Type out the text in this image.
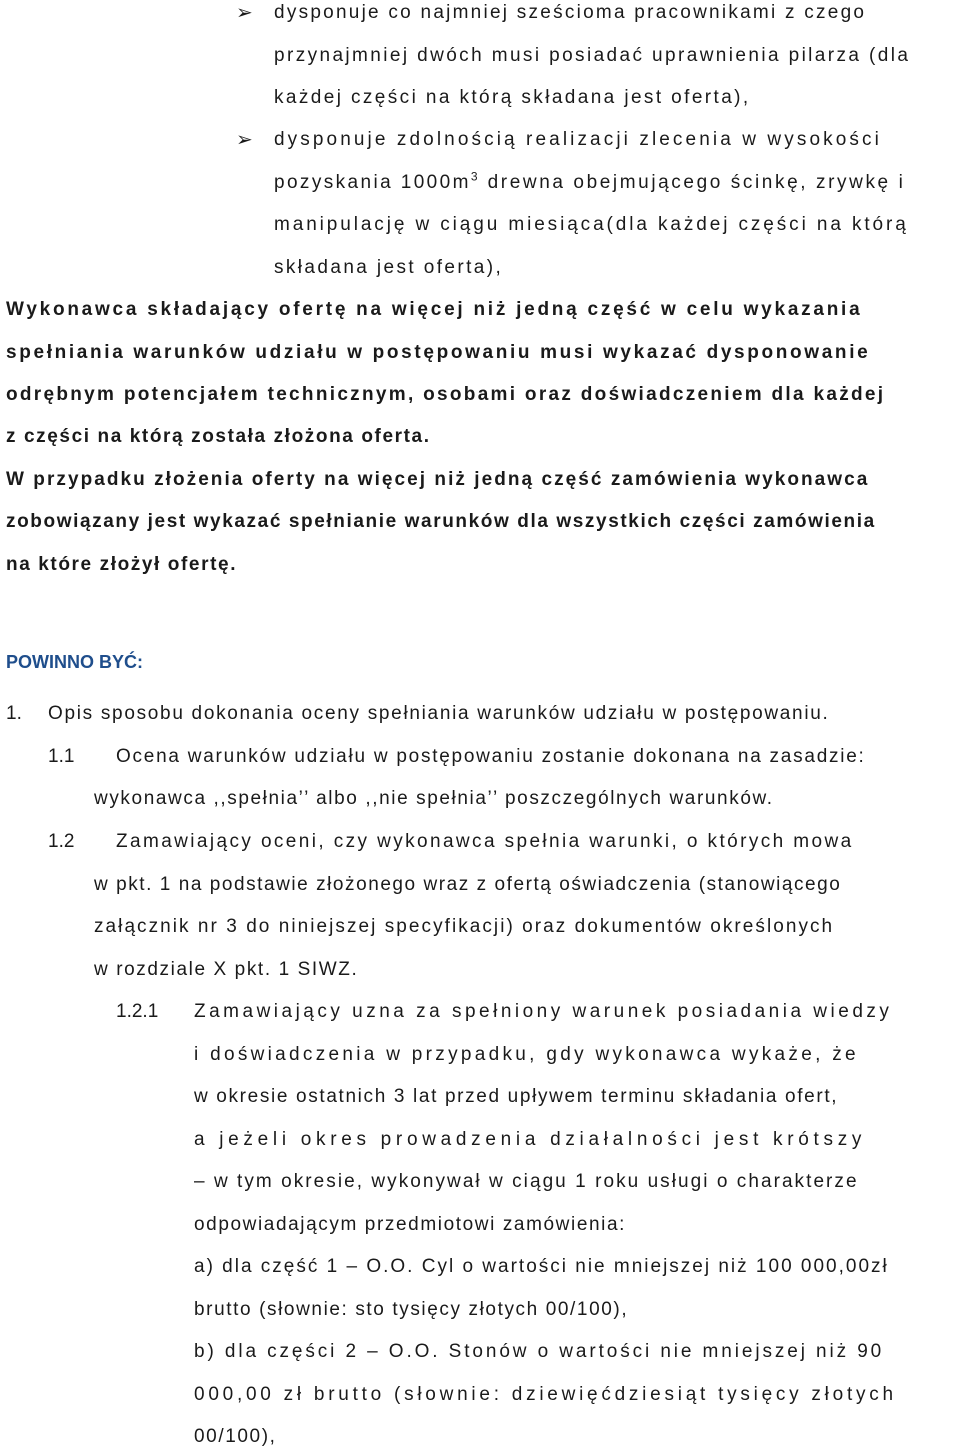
➢ dysponuje co najmniej sześcioma pracownikami z czego
przynajmniej dwóch musi posiadać uprawnienia pilarza (dla
każdej części na którą składana jest oferta),
➢ dysponuje zdolnością realizacji zlecenia w wysokości
pozyskania $1000m^3$ drewna obejmującego ścinkę, zrywkę i
manipulację w ciągu miesiąca(dla każdej części na którą
składana jest oferta),
Wykonawca składający ofertę na więcej niż jedną część w celu wykazania
spełniania warunków udziału w postępowaniu musi wykazać dysponowanie
odrębnym potencjałem technicznym, osobami oraz doświadczeniem dla każdej
z części na którą została złożona oferta.
W przypadku złożenia oferty na więcej niż jedną część zamówienia wykonawca
zobowiązany jest wykazać spełnianie warunków dla wszystkich części zamówienia
na które złożył ofertę.
POWINNO BYĆ:
1. Opis sposobu dokonania oceny spełniania warunków udziału w postępowaniu.
1.1 Ocena warunków udziału w postępowaniu zostanie dokonana na zasadzie:
wykonawca ,,spełnia’’ albo ,,nie spełnia’’ poszczególnych warunków.
1.2 Zamawiający oceni, czy wykonawca spełnia warunki, o których mowa
w pkt. 1 na podstawie złożonego wraz z ofertą oświadczenia (stanowiącego
załącznik nr 3 do niniejszej specyfikacji) oraz dokumentów określonych
w rozdziale X pkt. 1 SIWZ.
1.2.1 Zamawiający uzna za spełniony warunek posiadania wiedzy
i doświadczenia w przypadku, gdy wykonawca wykaże, że
w okresie ostatnich 3 lat przed upływem terminu składania ofert,
a jeżeli okres prowadzenia działalności jest krótszy
– w tym okresie, wykonywał w ciągu 1 roku usługi o charakterze
odpowiadającym przedmiotowi zamówienia:
a) dla część 1 – O.O. Cyl o wartości nie mniejszej niż 100 000,00zł
brutto (słownie: sto tysięcy złotych 00/100),
b) dla części 2 – O.O. Stonów o wartości nie mniejszej niż 90
000,00 zł brutto (słownie: dziewięćdziesiąt tysięcy złotych
00/100),
